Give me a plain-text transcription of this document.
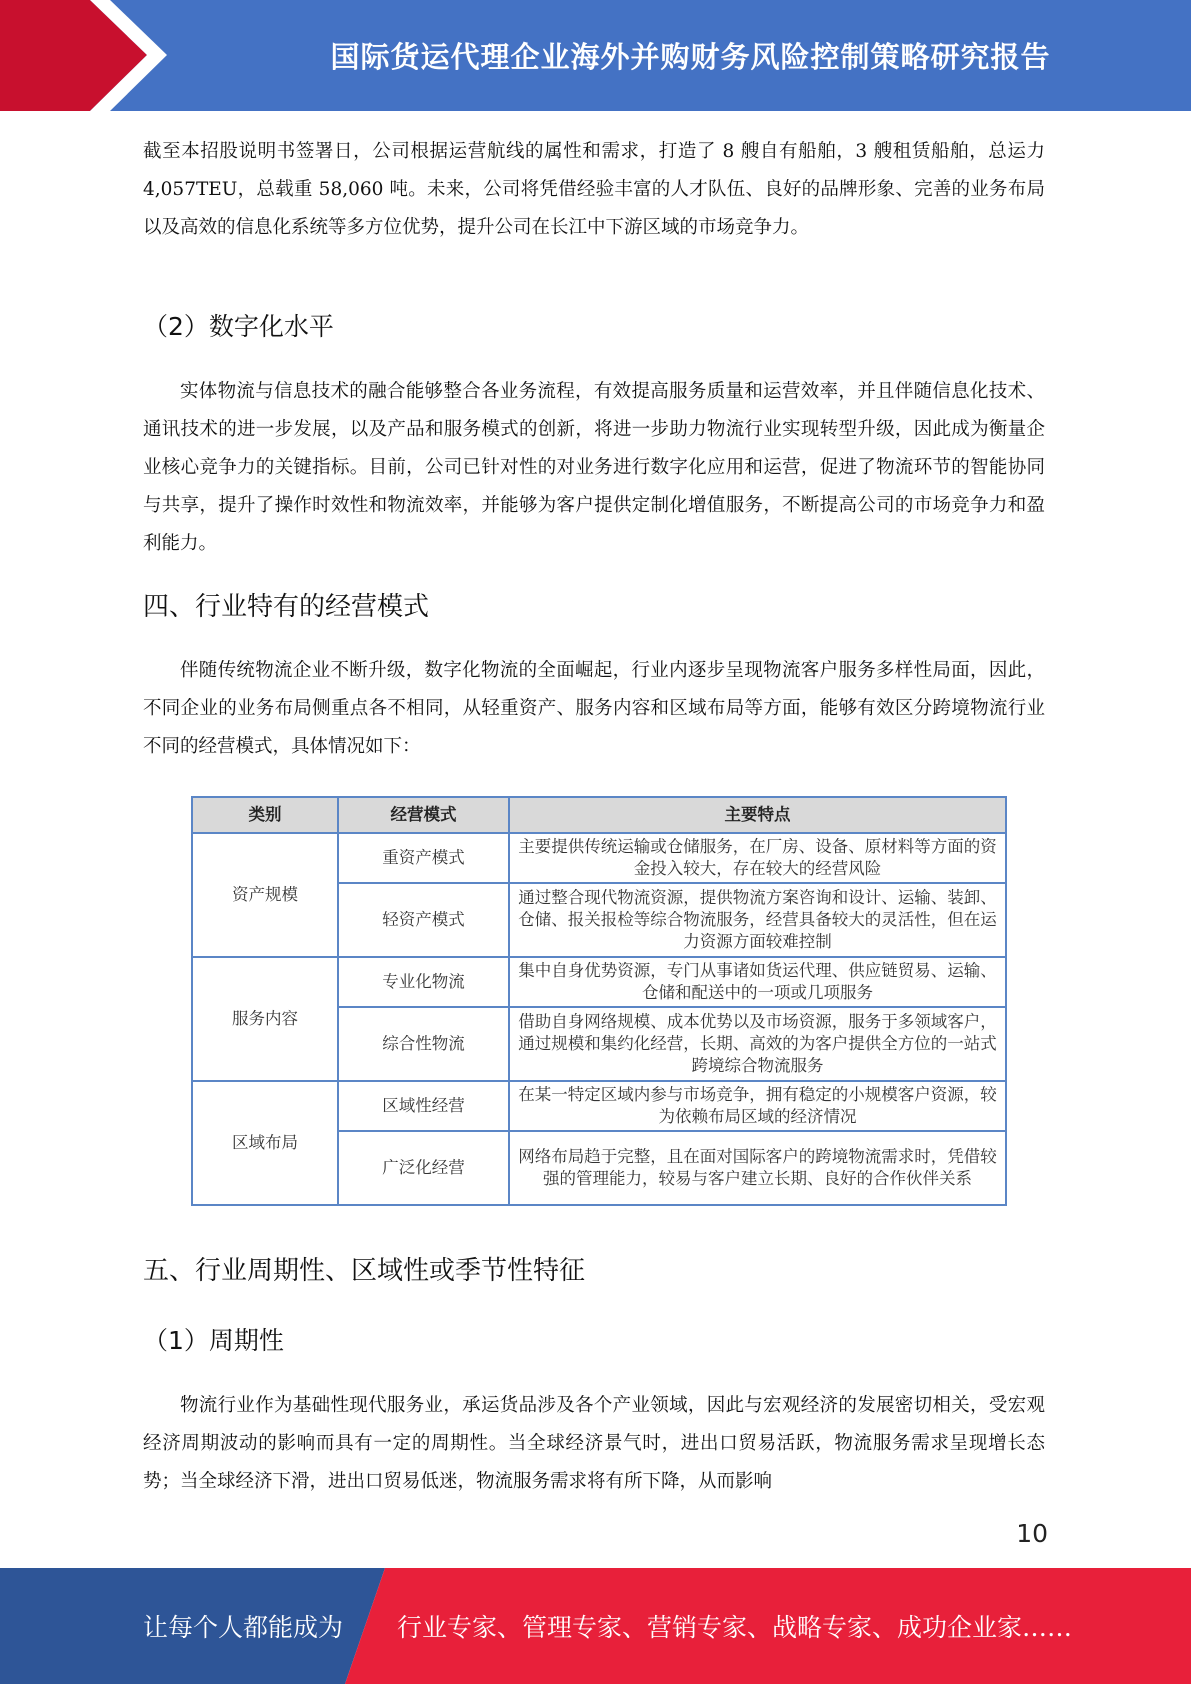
国际货运代理企业海外并购财务风险控制策略研究报告

截至本招股说明书签署日，公司根据运营航线的属性和需求，打造了 8 艘自有船舶，3 艘租赁船舶，总运力 4,057TEU，总载重 58,060 吨。未来，公司将凭借经验丰富的人才队伍、良好的品牌形象、完善的业务布局以及高效的信息化系统等多方位优势，提升公司在长江中下游区域的市场竞争力。

（2）数字化水平

实体物流与信息技术的融合能够整合各业务流程，有效提高服务质量和运营效率，并且伴随信息化技术、通讯技术的进一步发展，以及产品和服务模式的创新，将进一步助力物流行业实现转型升级，因此成为衡量企业核心竞争力的关键指标。目前，公司已针对性的对业务进行数字化应用和运营，促进了物流环节的智能协同与共享，提升了操作时效性和物流效率，并能够为客户提供定制化增值服务，不断提高公司的市场竞争力和盈利能力。

四、行业特有的经营模式

伴随传统物流企业不断升级，数字化物流的全面崛起，行业内逐步呈现物流客户服务多样性局面，因此，不同企业的业务布局侧重点各不相同，从轻重资产、服务内容和区域布局等方面，能够有效区分跨境物流行业不同的经营模式，具体情况如下：

类别	经营模式	主要特点
资产规模	重资产模式	主要提供传统运输或仓储服务，在厂房、设备、原材料等方面的资金投入较大，存在较大的经营风险
	轻资产模式	通过整合现代物流资源，提供物流方案咨询和设计、运输、装卸、仓储、报关报检等综合物流服务，经营具备较大的灵活性，但在运力资源方面较难控制
服务内容	专业化物流	集中自身优势资源，专门从事诸如货运代理、供应链贸易、运输、仓储和配送中的一项或几项服务
	综合性物流	借助自身网络规模、成本优势以及市场资源，服务于多领域客户，通过规模和集约化经营，长期、高效的为客户提供全方位的一站式跨境综合物流服务
区域布局	区域性经营	在某一特定区域内参与市场竞争，拥有稳定的小规模客户资源，较为依赖布局区域的经济情况
	广泛化经营	网络布局趋于完整，且在面对国际客户的跨境物流需求时，凭借较强的管理能力，较易与客户建立长期、良好的合作伙伴关系
五、行业周期性、区域性或季节性特征
（1）周期性

物流行业作为基础性现代服务业，承运货品涉及各个产业领域，因此与宏观经济的发展密切相关，受宏观经济周期波动的影响而具有一定的周期性。当全球经济景气时，进出口贸易活跃，物流服务需求呈现增长态势；当全球经济下滑，进出口贸易低迷，物流服务需求将有所下降，从而影响

10
让每个人都能成为 行业专家、管理专家、营销专家、战略专家、成功企业家……
